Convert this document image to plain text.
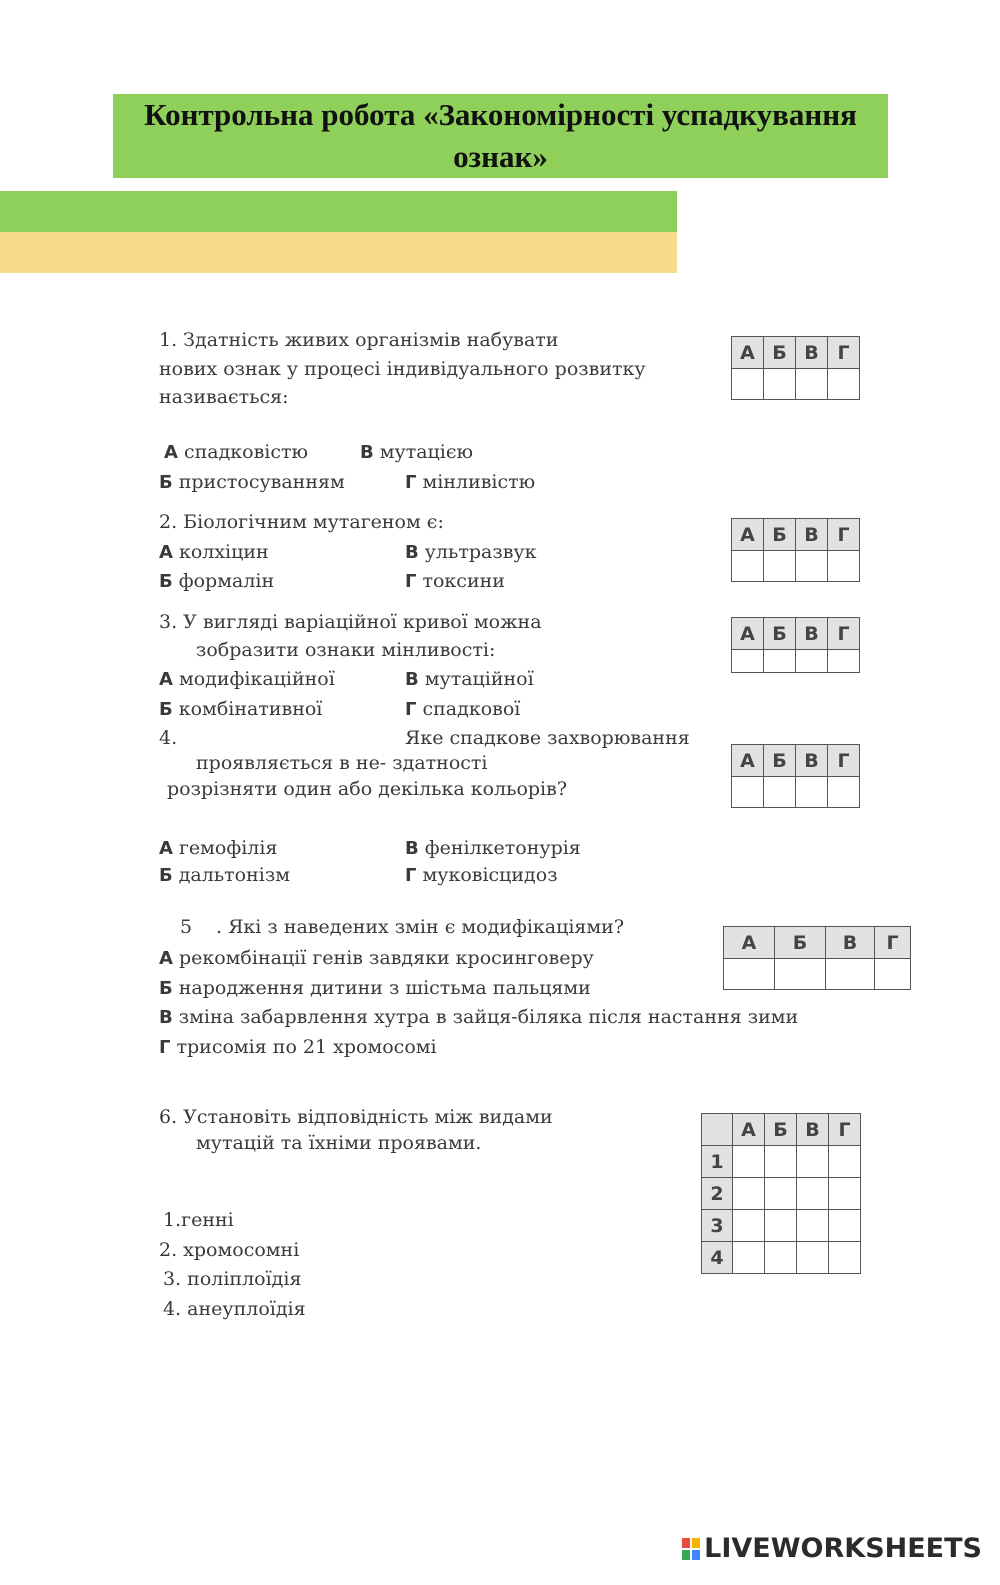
Контрольна робота «Закономірності успадкування ознак»
1. Здатність живих організмів набувати
нових ознак у процесі індивідуального розвитку
називається:
А спадковістю	В мутацією
Б пристосуванням	Г мінливістю
А	Б	В	Г

2. Біологічним мутагеном є:
А колхіцин	В ультразвук
Б формалін	Г токсини
А	Б	В	Г

3. У вигляді варіаційної кривої можна
зобразити ознаки мінливості:
А модифікаційної	В мутаційної
Б комбінативної	Г спадкової
А	Б	В	Г

4.	Яке спадкове захворювання
проявляється в не- здатності
розрізняти один або декілька кольорів?
А гемофілія	В фенілкетонурія
Б дальтонізм	Г муковісцидоз
А	Б	В	Г

5 . Які з наведених змін є модифікаціями?
А рекомбінації генів завдяки кросинговеру
Б народження дитини з шістьма пальцями
В зміна забарвлення хутра в зайця-біляка після настання зими
Г трисомія по 21 хромосомі
А	Б	В	Г

6. Установіть відповідність між видами
мутацій та їхніми проявами.
1.генні
2. хромосомні
3. поліплоїдія
4. анеуплоїдія
	А	Б	В	Г
1				
2				
3				
4				
LIVEWORKSHEETS
